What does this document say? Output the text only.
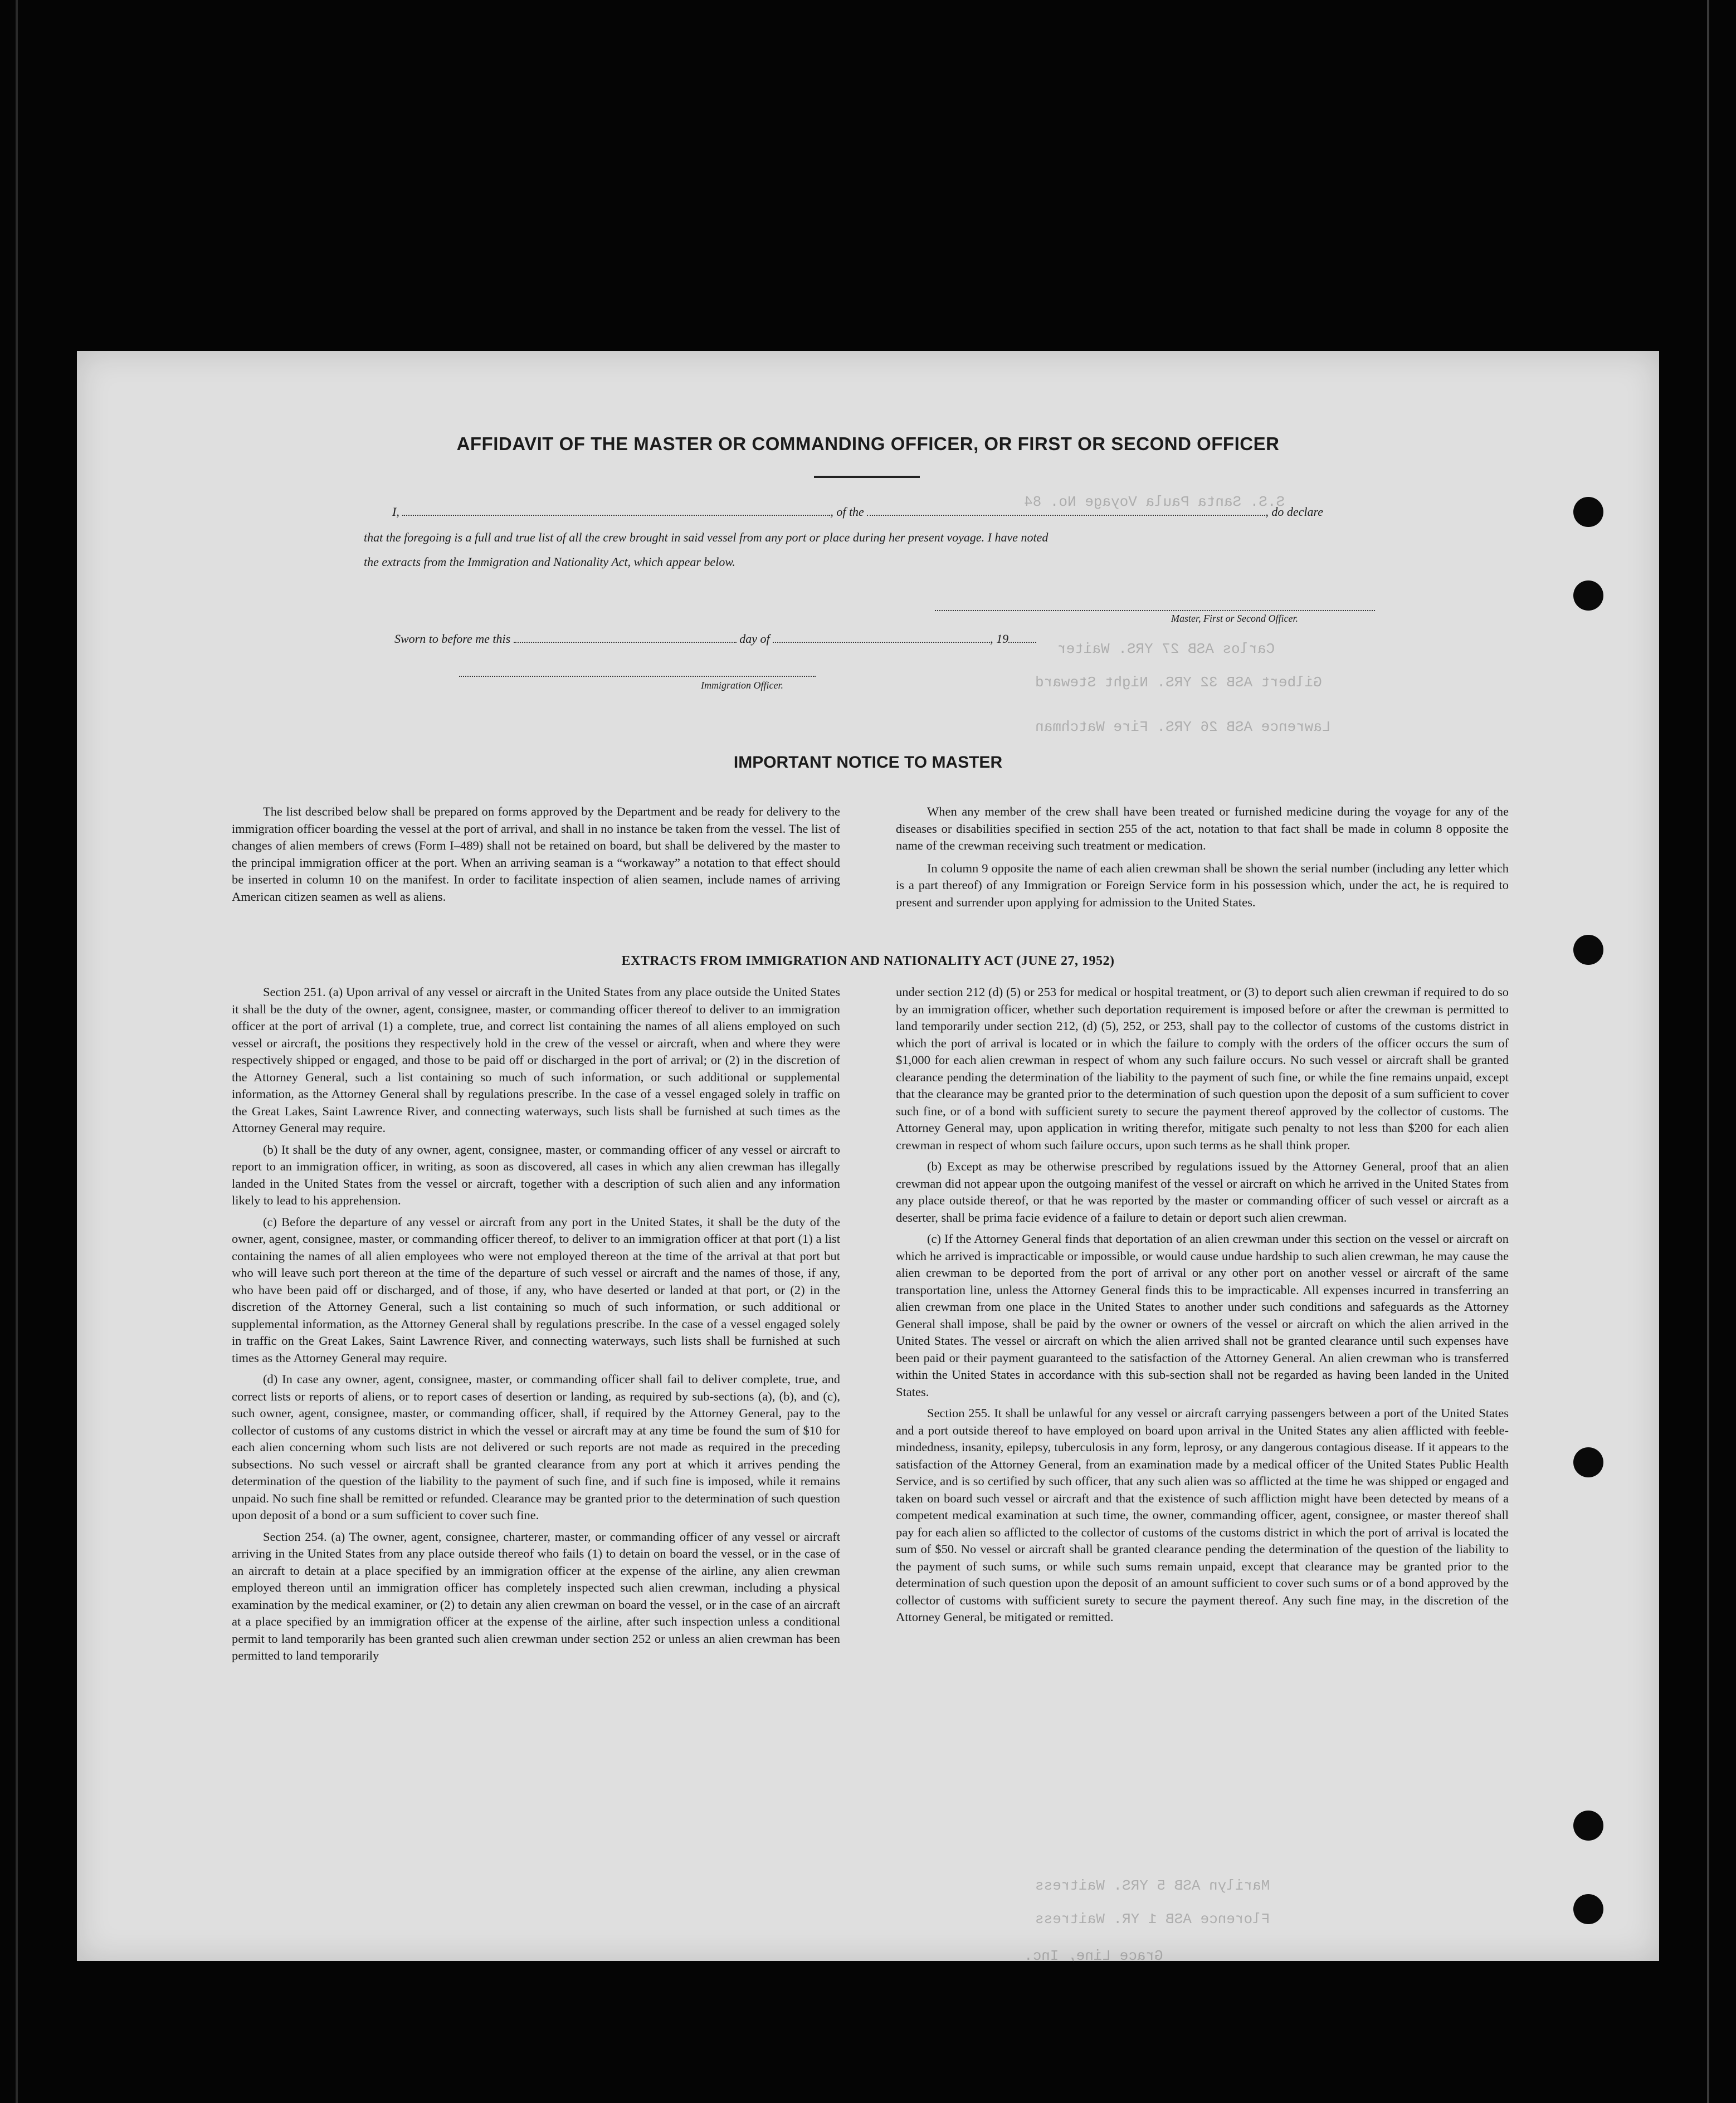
S.S. Santa Paula Voyage No. 84
Carlos ASB 27 YRS. Waiter
Gilbert ASB 32 YRS. Night Steward
Lawrence ASB 26 YRS. Fire Watchman
Marilyn ASB 5 YRS. Waitress
Florence ASB 1 YR. Waitress
Grace Line, Inc.
AFFIDAVIT OF THE MASTER OR COMMANDING OFFICER, OR FIRST OR SECOND OFFICER
I,	, of the	, do declare
that the foregoing is a full and true list of all the crew brought in said vessel from any port or place during her present voyage. I have noted
the extracts from the Immigration and Nationality Act, which appear below.
Master, First or Second Officer.
Sworn to before me this	day of	, 19
Immigration Officer.
IMPORTANT NOTICE TO MASTER

The list described below shall be prepared on forms approved by the Department and be ready for delivery to the immigration officer boarding the vessel at the port of arrival, and shall in no instance be taken from the vessel. The list of changes of alien members of crews (Form I–489) shall not be retained on board, but shall be delivered by the master to the principal immigration officer at the port. When an arriving seaman is a “workaway” a notation to that effect should be inserted in column 10 on the manifest. In order to facilitate inspection of alien seamen, include names of arriving American citizen seamen as well as aliens.

When any member of the crew shall have been treated or furnished medicine during the voyage for any of the diseases or disabilities specified in section 255 of the act, notation to that fact shall be made in column 8 opposite the name of the crewman receiving such treatment or medication.

In column 9 opposite the name of each alien crewman shall be shown the serial number (including any letter which is a part thereof) of any Immigration or Foreign Service form in his possession which, under the act, he is required to present and surrender upon applying for admission to the United States.

EXTRACTS FROM IMMIGRATION AND NATIONALITY ACT (JUNE 27, 1952)

Section 251. (a) Upon arrival of any vessel or aircraft in the United States from any place outside the United States it shall be the duty of the owner, agent, consignee, master, or commanding officer thereof to deliver to an immigration officer at the port of arrival (1) a complete, true, and correct list containing the names of all aliens employed on such vessel or aircraft, the positions they respectively hold in the crew of the vessel or aircraft, when and where they were respectively shipped or engaged, and those to be paid off or discharged in the port of arrival; or (2) in the discretion of the Attorney General, such a list containing so much of such information, or such additional or supplemental information, as the Attorney General shall by regulations prescribe. In the case of a vessel engaged solely in traffic on the Great Lakes, Saint Lawrence River, and connecting waterways, such lists shall be furnished at such times as the Attorney General may require.

(b) It shall be the duty of any owner, agent, consignee, master, or commanding officer of any vessel or aircraft to report to an immigration officer, in writing, as soon as discovered, all cases in which any alien crewman has illegally landed in the United States from the vessel or aircraft, together with a description of such alien and any information likely to lead to his apprehension.

(c) Before the departure of any vessel or aircraft from any port in the United States, it shall be the duty of the owner, agent, consignee, master, or commanding officer thereof, to deliver to an immigration officer at that port (1) a list containing the names of all alien employees who were not employed thereon at the time of the arrival at that port but who will leave such port thereon at the time of the departure of such vessel or aircraft and the names of those, if any, who have been paid off or discharged, and of those, if any, who have deserted or landed at that port, or (2) in the discretion of the Attorney General, such a list containing so much of such information, or such additional or supplemental information, as the Attorney General shall by regulations prescribe. In the case of a vessel engaged solely in traffic on the Great Lakes, Saint Lawrence River, and connecting waterways, such lists shall be furnished at such times as the Attorney General may require.

(d) In case any owner, agent, consignee, master, or commanding officer shall fail to deliver complete, true, and correct lists or reports of aliens, or to report cases of desertion or landing, as required by sub-sections (a), (b), and (c), such owner, agent, consignee, master, or commanding officer, shall, if required by the Attorney General, pay to the collector of customs of any customs district in which the vessel or aircraft may at any time be found the sum of $10 for each alien concerning whom such lists are not delivered or such reports are not made as required in the preceding subsections. No such vessel or aircraft shall be granted clearance from any port at which it arrives pending the determination of the question of the liability to the payment of such fine, and if such fine is imposed, while it remains unpaid. No such fine shall be remitted or refunded. Clearance may be granted prior to the determination of such question upon deposit of a bond or a sum sufficient to cover such fine.

Section 254. (a) The owner, agent, consignee, charterer, master, or commanding officer of any vessel or aircraft arriving in the United States from any place outside thereof who fails (1) to detain on board the vessel, or in the case of an aircraft to detain at a place specified by an immigration officer at the expense of the airline, any alien crewman employed thereon until an immigration officer has completely inspected such alien crewman, including a physical examination by the medical examiner, or (2) to detain any alien crewman on board the vessel, or in the case of an aircraft at a place specified by an immigration officer at the expense of the airline, after such inspection unless a conditional permit to land temporarily has been granted such alien crewman under section 252 or unless an alien crewman has been permitted to land temporarily

under section 212 (d) (5) or 253 for medical or hospital treatment, or (3) to deport such alien crewman if required to do so by an immigration officer, whether such deportation requirement is imposed before or after the crewman is permitted to land temporarily under section 212, (d) (5), 252, or 253, shall pay to the collector of customs of the customs district in which the port of arrival is located or in which the failure to comply with the orders of the officer occurs the sum of $1,000 for each alien crewman in respect of whom any such failure occurs. No such vessel or aircraft shall be granted clearance pending the determination of the liability to the payment of such fine, or while the fine remains unpaid, except that the clearance may be granted prior to the determination of such question upon the deposit of a sum sufficient to cover such fine, or of a bond with sufficient surety to secure the payment thereof approved by the collector of customs. The Attorney General may, upon application in writing therefor, mitigate such penalty to not less than $200 for each alien crewman in respect of whom such failure occurs, upon such terms as he shall think proper.

(b) Except as may be otherwise prescribed by regulations issued by the Attorney General, proof that an alien crewman did not appear upon the outgoing manifest of the vessel or aircraft on which he arrived in the United States from any place outside thereof, or that he was reported by the master or commanding officer of such vessel or aircraft as a deserter, shall be prima facie evidence of a failure to detain or deport such alien crewman.

(c) If the Attorney General finds that deportation of an alien crewman under this section on the vessel or aircraft on which he arrived is impracticable or impossible, or would cause undue hardship to such alien crewman, he may cause the alien crewman to be deported from the port of arrival or any other port on another vessel or aircraft of the same transportation line, unless the Attorney General finds this to be impracticable. All expenses incurred in transferring an alien crewman from one place in the United States to another under such conditions and safeguards as the Attorney General shall impose, shall be paid by the owner or owners of the vessel or aircraft on which the alien arrived in the United States. The vessel or aircraft on which the alien arrived shall not be granted clearance until such expenses have been paid or their payment guaranteed to the satisfaction of the Attorney General. An alien crewman who is transferred within the United States in accordance with this sub-section shall not be regarded as having been landed in the United States.

Section 255. It shall be unlawful for any vessel or aircraft carrying passengers between a port of the United States and a port outside thereof to have employed on board upon arrival in the United States any alien afflicted with feeble-mindedness, insanity, epilepsy, tuberculosis in any form, leprosy, or any dangerous contagious disease. If it appears to the satisfaction of the Attorney General, from an examination made by a medical officer of the United States Public Health Service, and is so certified by such officer, that any such alien was so afflicted at the time he was shipped or engaged and taken on board such vessel or aircraft and that the existence of such affliction might have been detected by means of a competent medical examination at such time, the owner, commanding officer, agent, consignee, or master thereof shall pay for each alien so afflicted to the collector of customs of the customs district in which the port of arrival is located the sum of $50. No vessel or aircraft shall be granted clearance pending the determination of the question of the liability to the payment of such sums, or while such sums remain unpaid, except that clearance may be granted prior to the determination of such question upon the deposit of an amount sufficient to cover such sums or of a bond approved by the collector of customs with sufficient surety to secure the payment thereof. Any such fine may, in the discretion of the Attorney General, be mitigated or remitted.
